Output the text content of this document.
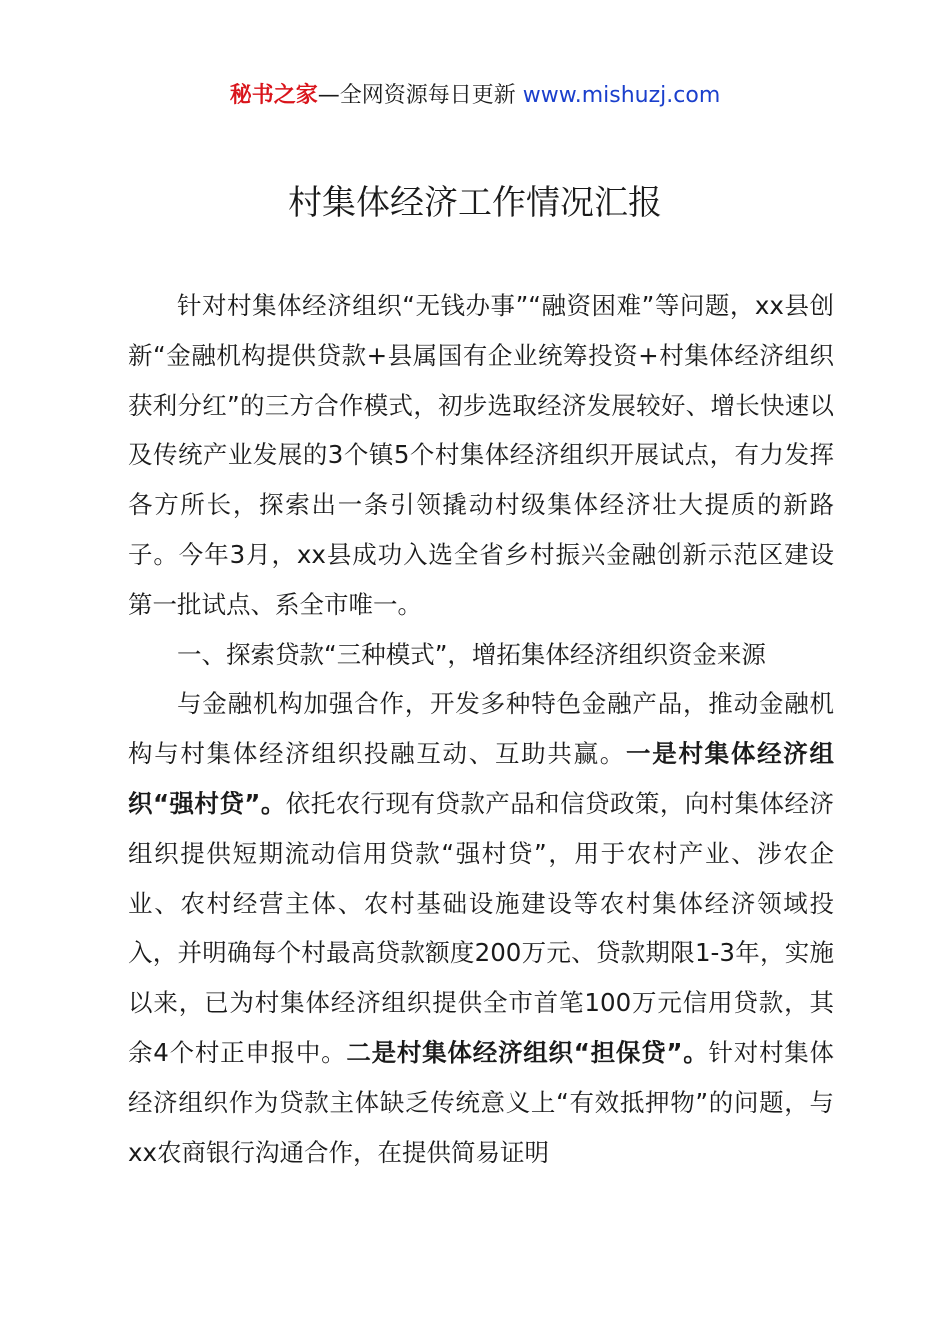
秘书之家—全网资源每日更新 www.mishuzj.com
村集体经济工作情况汇报

针对村集体经济组织“无钱办事”“融资困难”等问题，xx县创新“金融机构提供贷款+县属国有企业统筹投资+村集体经济组织获利分红”的三方合作模式，初步选取经济发展较好、增长快速以及传统产业发展的3个镇5个村集体经济组织开展试点，有力发挥各方所长，探索出一条引领撬动村级集体经济壮大提质的新路子。今年3月，xx县成功入选全省乡村振兴金融创新示范区建设第一批试点、系全市唯一。

一、探索贷款“三种模式”，增拓集体经济组织资金来源

与金融机构加强合作，开发多种特色金融产品，推动金融机构与村集体经济组织投融互动、互助共赢。一是村集体经济组织“强村贷”。依托农行现有贷款产品和信贷政策，向村集体经济组织提供短期流动信用贷款“强村贷”，用于农村产业、涉农企业、农村经营主体、农村基础设施建设等农村集体经济领域投入，并明确每个村最高贷款额度200万元、贷款期限1-3年，实施以来，已为村集体经济组织提供全市首笔100万元信用贷款，其余4个村正申报中。二是村集体经济组织“担保贷”。针对村集体经济组织作为贷款主体缺乏传统意义上“有效抵押物”的问题，与xx农商银行沟通合作，在提供简易证明
